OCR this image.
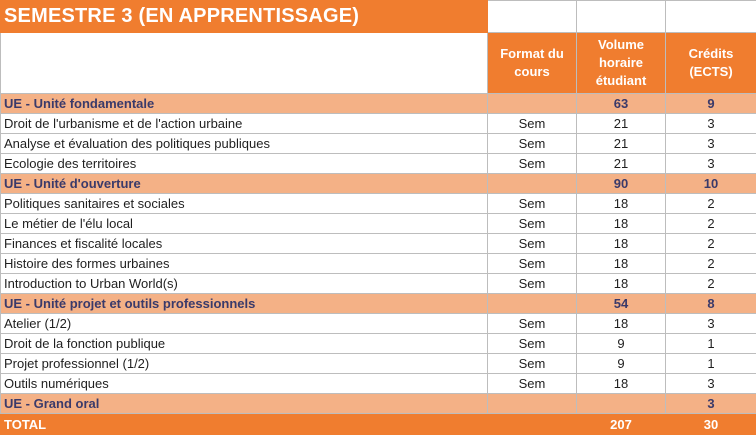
SEMESTRE 3 (EN APPRENTISSAGE)			
	Format du cours	Volume horaire étudiant	Crédits (ECTS)
UE - Unité fondamentale		63	9
Droit de l'urbanisme et de l'action urbaine	Sem	21	3
Analyse et évaluation des politiques publiques	Sem	21	3
Ecologie des territoires	Sem	21	3
UE - Unité d'ouverture		90	10
Politiques sanitaires et sociales	Sem	18	2
Le métier de l'élu local	Sem	18	2
Finances et fiscalité locales	Sem	18	2
Histoire des formes urbaines	Sem	18	2
Introduction to Urban World(s)	Sem	18	2
UE - Unité projet et outils professionnels		54	8
Atelier (1/2)	Sem	18	3
Droit de la fonction publique	Sem	9	1
Projet professionnel (1/2)	Sem	9	1
Outils numériques	Sem	18	3
UE - Grand oral			3
TOTAL		207	30
